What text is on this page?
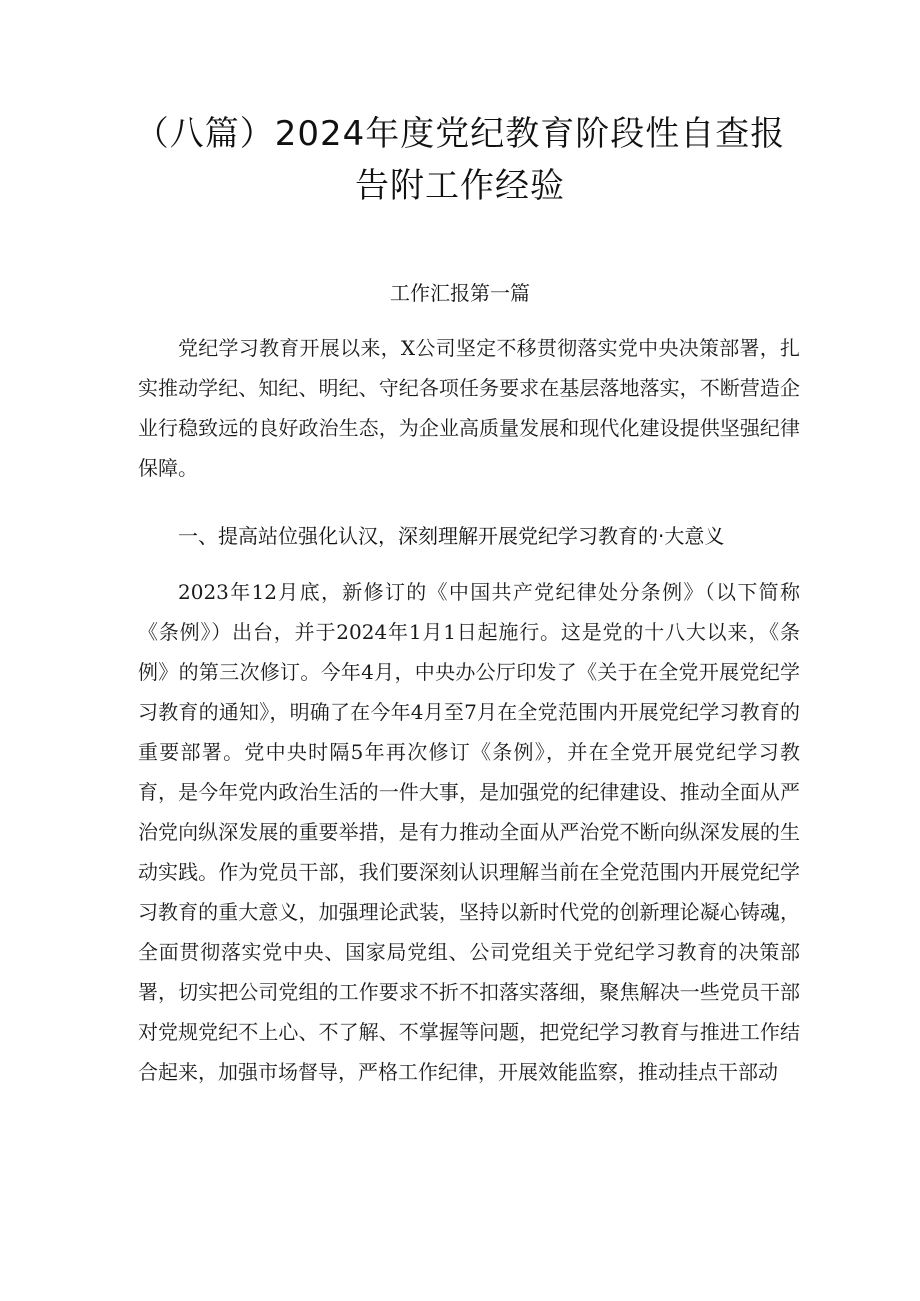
（八篇）2024年度党纪教育阶段性自查报
告附工作经验
工作汇报第一篇

党纪学习教育开展以来，X公司坚定不移贯彻落实党中央决策部署，扎实推动学纪、知纪、明纪、守纪各项任务要求在基层落地落实，不断营造企业行稳致远的良好政治生态，为企业高质量发展和现代化建设提供坚强纪律保障。

一、提高站位强化认汉，深刻理解开展党纪学习教育的·大意义

2023年12月底，新修订的《中国共产党纪律处分条例》（以下简称《条例》）出台，并于2024年1月1日起施行。这是党的十八大以来，《条例》的第三次修订。今年4月，中央办公厅印发了《关于在全党开展党纪学习教育的通知》，明确了在今年4月至7月在全党范围内开展党纪学习教育的重要部署。党中央时隔5年再次修订《条例》，并在全党开展党纪学习教育，是今年党内政治生活的一件大事，是加强党的纪律建设、推动全面从严治党向纵深发展的重要举措，是有力推动全面从严治党不断向纵深发展的生动实践。作为党员干部，我们要深刻认识理解当前在全党范围内开展党纪学习教育的重大意义，加强理论武装，坚持以新时代党的创新理论凝心铸魂，全面贯彻落实党中央、国家局党组、公司党组关于党纪学习教育的决策部署，切实把公司党组的工作要求不折不扣落实落细，聚焦解决一些党员干部对党规党纪不上心、不了解、不掌握等问题，把党纪学习教育与推进工作结合起来，加强市场督导，严格工作纪律，开展效能监察，推动挂点干部动
